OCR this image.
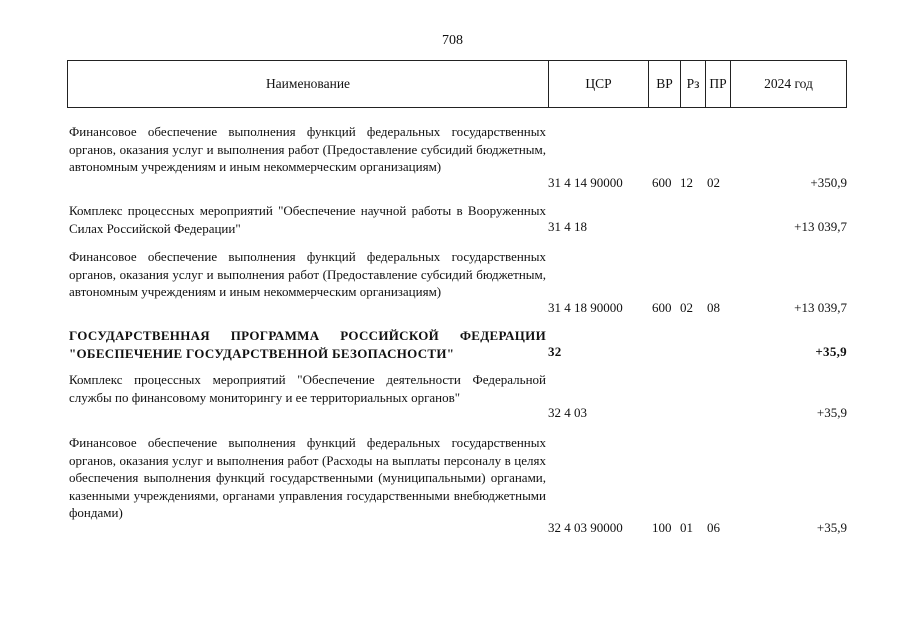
708
Наименование	ЦСР	ВР	Рз ПР	2024 год
Финансовое обеспечение выполнения функций федеральных государственных органов, оказания услуг и выполнения работ (Предоставление субсидий бюджетным, автономным учреждениям и иным некоммерческим организациям)
31 4 14 90000 600 12 02	+350,9
Комплекс процессных мероприятий "Обеспечение научной работы в Вооруженных Силах Российской Федерации"	31 4 18	+13 039,7
Финансовое обеспечение выполнения функций федеральных государственных органов, оказания услуг и выполнения работ (Предоставление субсидий бюджетным, автономным учреждениям и иным некоммерческим организациям)
31 4 18 90000 600 02 08	+13 039,7
ГОСУДАРСТВЕННАЯ ПРОГРАММА РОССИЙСКОЙ ФЕДЕРАЦИИ "ОБЕСПЕЧЕНИЕ ГОСУДАРСТВЕННОЙ БЕЗОПАСНОСТИ"	32	+35,9
Комплекс процессных мероприятий "Обеспечение деятельности Федеральной службы по финансовому мониторингу и ее территориальных органов"
32 4 03	+35,9
Финансовое обеспечение выполнения функций федеральных государственных органов, оказания услуг и выполнения работ (Расходы на выплаты персоналу в целях обеспечения выполнения функций государственными (муниципальными) органами, казенными учреждениями, органами управления государственными внебюджетными фондами)
32 4 03 90000 100 01 06	+35,9
